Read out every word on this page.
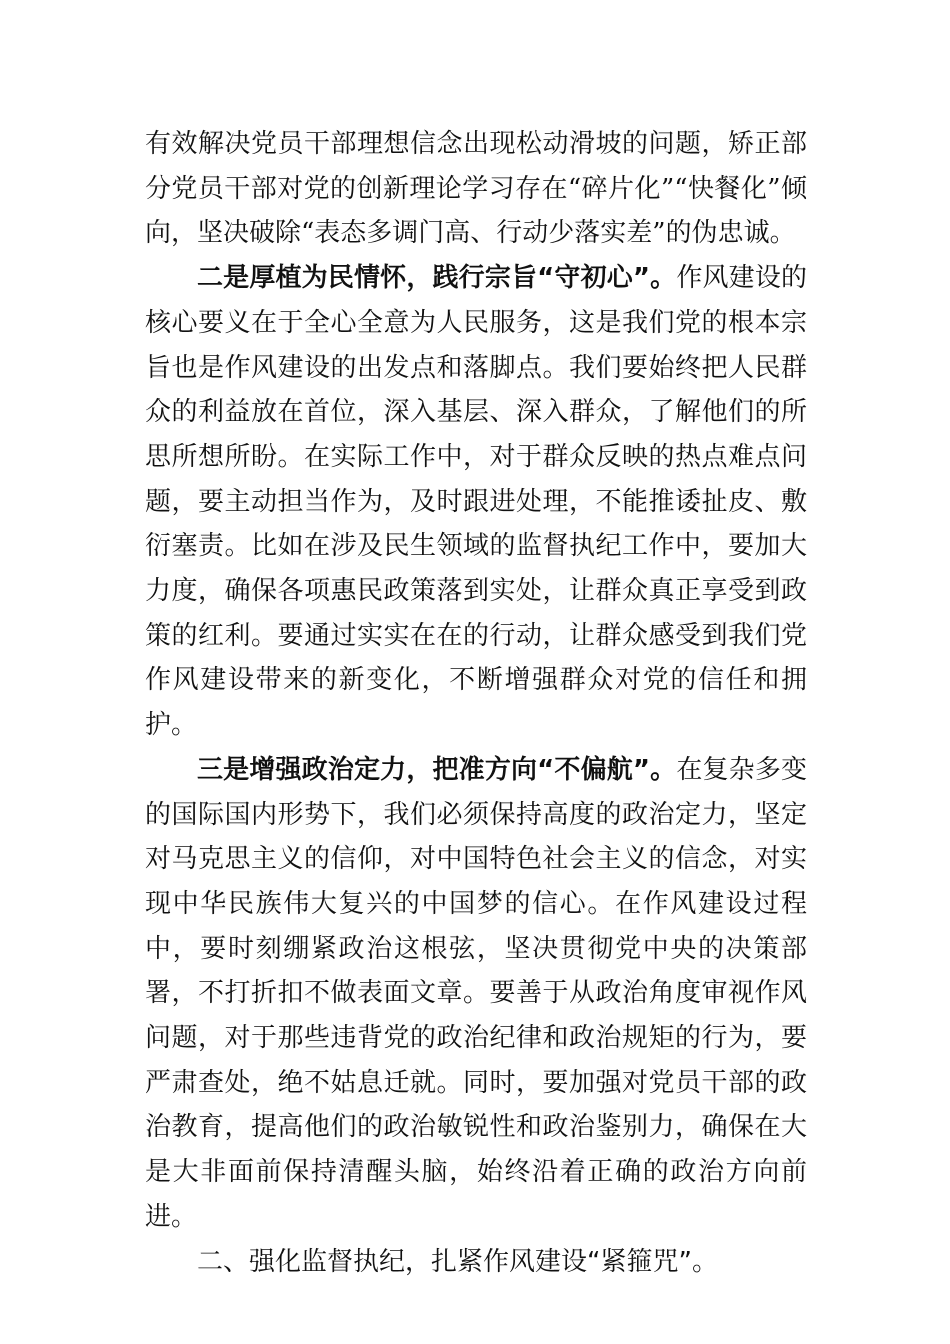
有效解决党员干部理想信念出现松动滑坡的问题，矫正部分党员干部对党的创新理论学习存在“碎片化”“快餐化”倾向，坚决破除“表态多调门高、行动少落实差”的伪忠诚。

二是厚植为民情怀，践行宗旨“守初心”。作风建设的核心要义在于全心全意为人民服务，这是我们党的根本宗旨也是作风建设的出发点和落脚点。我们要始终把人民群众的利益放在首位，深入基层、深入群众，了解他们的所思所想所盼。在实际工作中，对于群众反映的热点难点问题，要主动担当作为，及时跟进处理，不能推诿扯皮、敷衍塞责。比如在涉及民生领域的监督执纪工作中，要加大力度，确保各项惠民政策落到实处，让群众真正享受到政策的红利。要通过实实在在的行动，让群众感受到我们党作风建设带来的新变化，不断增强群众对党的信任和拥护。

三是增强政治定力，把准方向“不偏航”。在复杂多变的国际国内形势下，我们必须保持高度的政治定力，坚定对马克思主义的信仰，对中国特色社会主义的信念，对实现中华民族伟大复兴的中国梦的信心。在作风建设过程中，要时刻绷紧政治这根弦，坚决贯彻党中央的决策部署，不打折扣不做表面文章。要善于从政治角度审视作风问题，对于那些违背党的政治纪律和政治规矩的行为，要严肃查处，绝不姑息迁就。同时，要加强对党员干部的政治教育，提高他们的政治敏锐性和政治鉴别力，确保在大是大非面前保持清醒头脑，始终沿着正确的政治方向前进。

二、强化监督执纪，扎紧作风建设“紧箍咒”。
